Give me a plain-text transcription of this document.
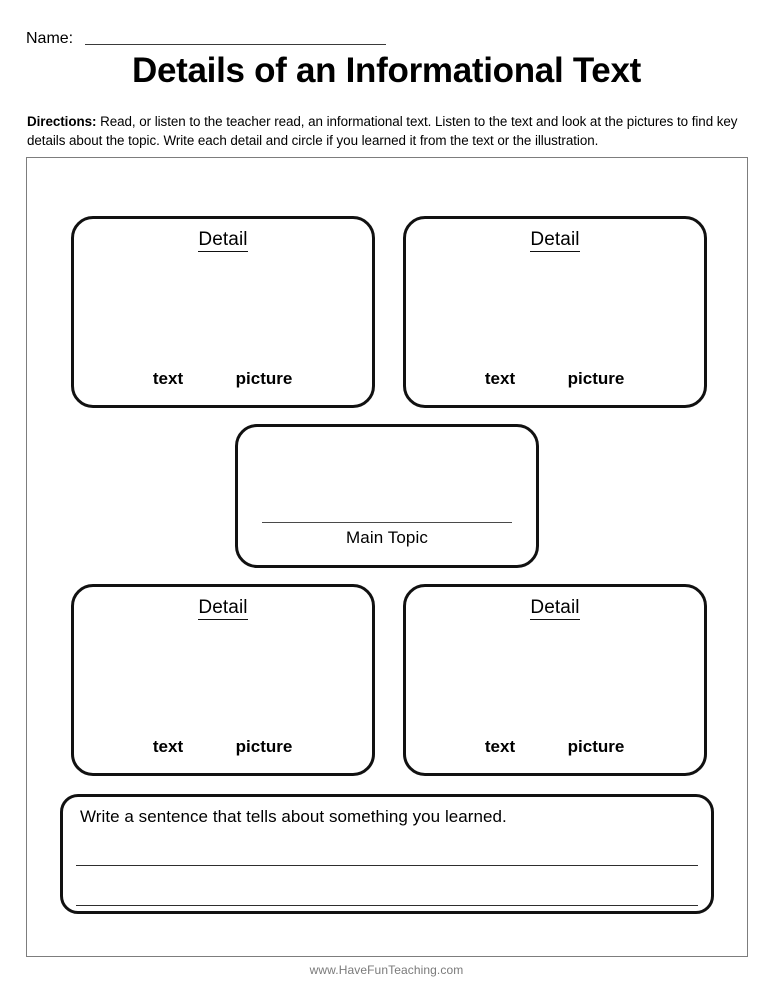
Name:
Details of an Informational Text
Directions: Read, or listen to the teacher read, an informational text. Listen to the text and look at the pictures to find key details about the topic. Write each detail and circle if you learned it from the text or the illustration.
Detail
text	picture
Detail
text	picture
Main Topic
Detail
text	picture
Detail
text	picture
Write a sentence that tells about something you learned.
www.HaveFunTeaching.com
